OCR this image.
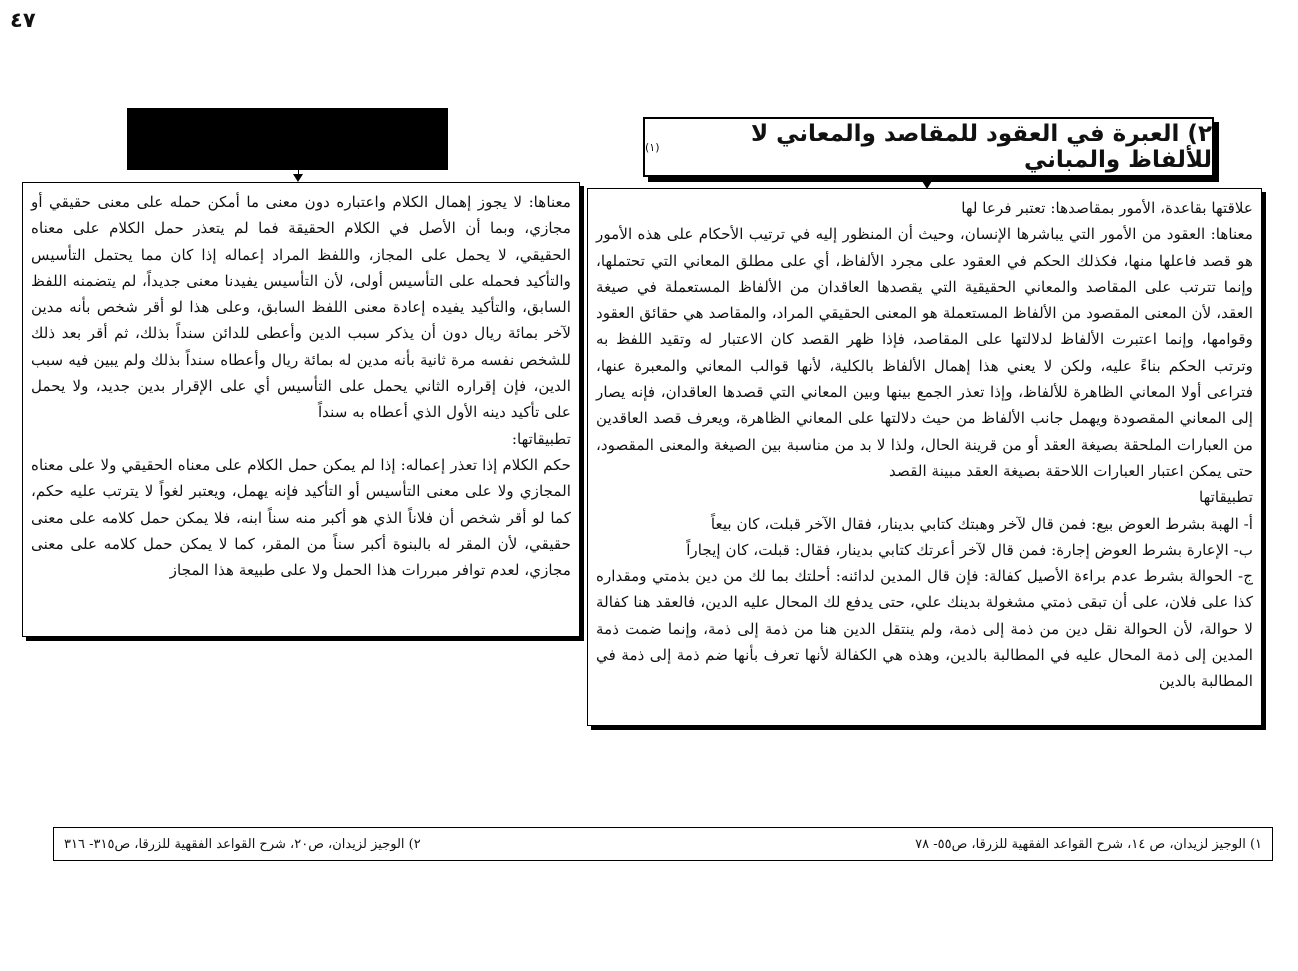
٤٧
٢) العبرة في العقود للمقاصد والمعاني لا للألفاظ والمباني
(١)

علاقتها بقاعدة، الأمور بمقاصدها: تعتبر فرعا لها

معناها: العقود من الأمور التي يباشرها الإنسان، وحيث أن المنظور إليه في ترتيب الأحكام على هذه الأمور هو قصد فاعلها منها، فكذلك الحكم في العقود على مجرد الألفاظ، أي على مطلق المعاني التي تحتملها، وإنما تترتب على المقاصد والمعاني الحقيقية التي يقصدها العاقدان من الألفاظ المستعملة في صيغة العقد، لأن المعنى المقصود من الألفاظ المستعملة هو المعنى الحقيقي المراد، والمقاصد هي حقائق العقود وقوامها، وإنما اعتبرت الألفاظ لدلالتها على المقاصد، فإذا ظهر القصد كان الاعتبار له وتقيد اللفظ به وترتب الحكم بناءً عليه، ولكن لا يعني هذا إهمال الألفاظ بالكلية، لأنها قوالب المعاني والمعبرة عنها، فتراعى أولا المعاني الظاهرة للألفاظ، وإذا تعذر الجمع بينها وبين المعاني التي قصدها العاقدان، فإنه يصار إلى المعاني المقصودة ويهمل جانب الألفاظ من حيث دلالتها على المعاني الظاهرة، ويعرف قصد العاقدين من العبارات الملحقة بصيغة العقد أو من قرينة الحال، ولذا لا بد من مناسبة بين الصيغة والمعنى المقصود، حتى يمكن اعتبار العبارات اللاحقة بصيغة العقد مبينة القصد

تطبيقاتها

أ- الهبة بشرط العوض بيع: فمن قال لآخر وهبتك كتابي بدينار، فقال الآخر قبلت، كان بيعاً

ب- الإعارة بشرط العوض إجارة: فمن قال لآخر أعرتك كتابي بدينار، فقال: قبلت، كان إيجاراً

ج- الحوالة بشرط عدم براءة الأصيل كفالة: فإن قال المدين لدائنه: أحلتك بما لك من دين بذمتي ومقداره كذا على فلان، على أن تبقى ذمتي مشغولة بدينك علي، حتى يدفع لك المحال عليه الدين، فالعقد هنا كفالة لا حوالة، لأن الحوالة نقل دين من ذمة إلى ذمة، ولم ينتقل الدين هنا من ذمة إلى ذمة، وإنما ضمت ذمة المدين إلى ذمة المحال عليه في المطالبة بالدين، وهذه هي الكفالة لأنها تعرف بأنها ضم ذمة إلى ذمة في المطالبة بالدين

معناها: لا يجوز إهمال الكلام واعتباره دون معنى ما أمكن حمله على معنى حقيقي أو مجازي، وبما أن الأصل في الكلام الحقيقة فما لم يتعذر حمل الكلام على معناه الحقيقي، لا يحمل على المجاز، واللفظ المراد إعماله إذا كان مما يحتمل التأسيس والتأكيد فحمله على التأسيس أولى، لأن التأسيس يفيدنا معنى جديداً، لم يتضمنه اللفظ السابق، والتأكيد يفيده إعادة معنى اللفظ السابق، وعلى هذا لو أقر شخص بأنه مدين لآخر بمائة ريال دون أن يذكر سبب الدين وأعطى للدائن سنداً بذلك، ثم أقر بعد ذلك للشخص نفسه مرة ثانية بأنه مدين له بمائة ريال وأعطاه سنداً بذلك ولم يبين فيه سبب الدين، فإن إقراره الثاني يحمل على التأسيس أي على الإقرار بدين جديد، ولا يحمل على تأكيد دينه الأول الذي أعطاه به سنداً

تطبيقاتها:

حكم الكلام إذا تعذر إعماله: إذا لم يمكن حمل الكلام على معناه الحقيقي ولا على معناه المجازي ولا على معنى التأسيس أو التأكيد فإنه يهمل، ويعتبر لغواً لا يترتب عليه حكم، كما لو أقر شخص أن فلاناً الذي هو أكبر منه سناً ابنه، فلا يمكن حمل كلامه على معنى حقيقي، لأن المقر له بالبنوة أكبر سناً من المقر، كما لا يمكن حمل كلامه على معنى مجازي، لعدم توافر مبررات هذا الحمل ولا على طبيعة هذا المجاز

١) الوجيز لزيدان، ص ١٤، شرح القواعد الفقهية للزرقا، ص٥٥- ٧٨
٢) الوجيز لزيدان، ص٢٠، شرح القواعد الفقهية للزرقا، ص٣١٥- ٣١٦
